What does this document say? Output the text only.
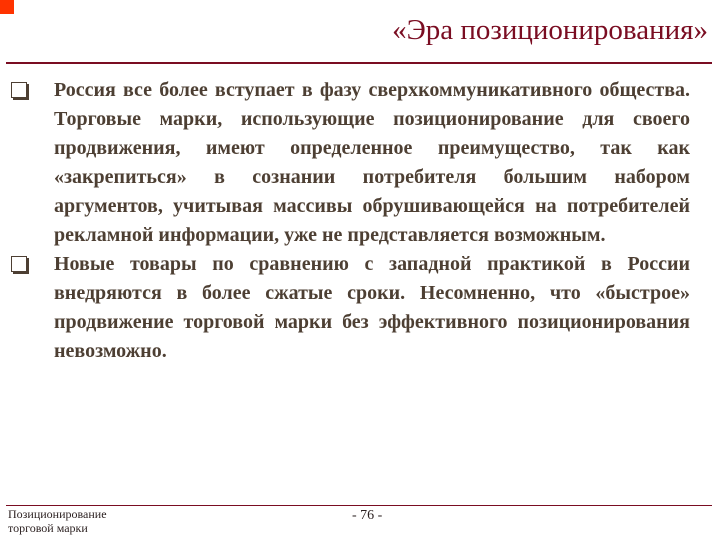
«Эра позиционирования»
Россия все более вступает в фазу сверхкоммуникативного общества. Торговые марки, использующие позиционирование для своего продвижения, имеют определенное преимущество, так как «закрепиться» в сознании потребителя большим набором аргументов, учитывая массивы обрушивающейся на потребителей рекламной информации, уже не представляется возможным.
Новые товары по сравнению с западной практикой в России внедряются в более сжатые сроки. Несомненно, что «быстрое» продвижение торговой марки без эффективного позиционирования невозможно.
Позиционирование
торговой марки
- 76 -
